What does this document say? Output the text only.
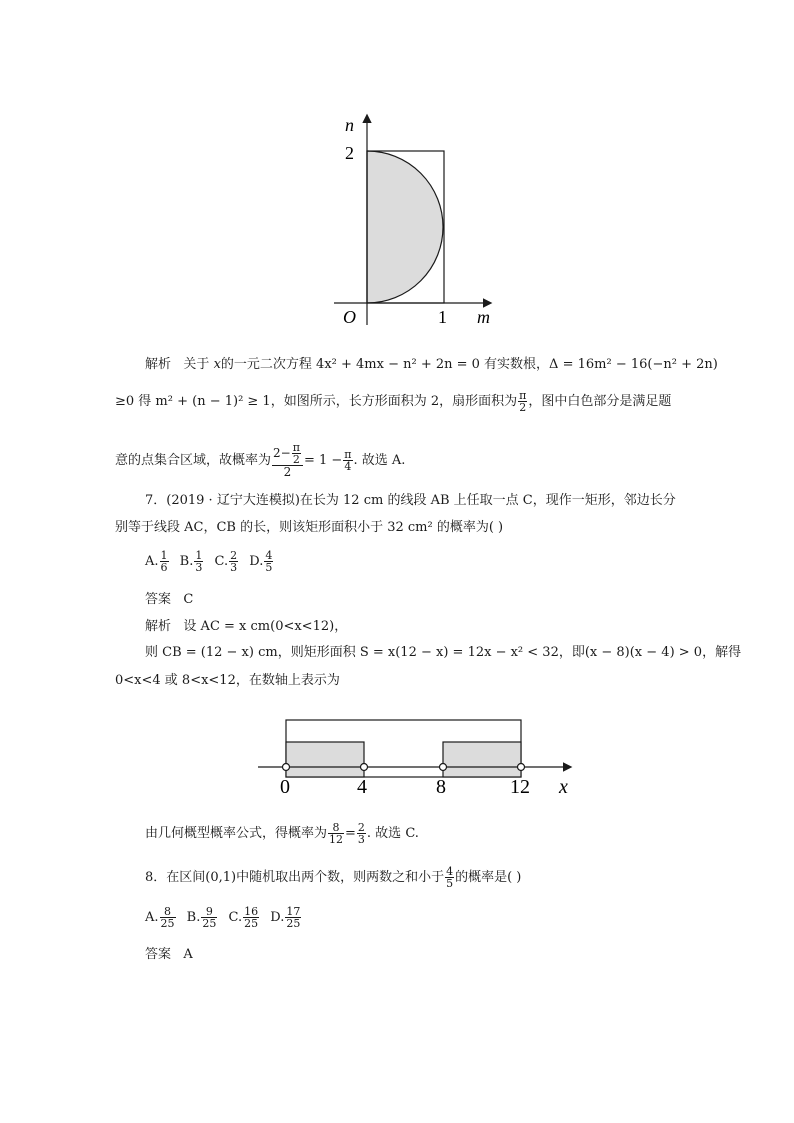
n
2
O	1 m
解析 关于 x的一元二次方程 4x² + 4mx − n² + 2n = 0 有实数根，Δ = 16m² − 16(−n² + 2n)
≥0 得 m² + (n − 1)² ≥ 1，如图所示，长方形面积为 2，扇形面积为 $\frac{\pi}{2}$ ，图中白色部分是满足题
意的点集合区域，故概率为 $\frac{2- \frac{\pi}{2}}{2} = 1 - \frac{\pi}{4}$ . 故选 A.
7．(2019 · 辽宁大连模拟)在长为 12 cm 的线段 AB 上任取一点 C，现作一矩形，邻边长分
别等于线段 AC，CB 的长，则该矩形面积小于 32 cm² 的概率为( )
A. $\frac{1}{6} B$. $\frac{1}{3} C$. $\frac{2}{3} D$. $\frac{4}{5}$
答案 C
解析 设 AC = x cm(0<x<12)，
则 CB = (12 − x) cm，则矩形面积 S = x(12 − x) = 12x − x² < 32，即(x − 8)(x − 4) > 0，解得
0<x<4 或 8<x<12，在数轴上表示为
0	4	8	12 x
由几何概型概率公式，得概率为 $\frac{8}{12} = \frac{2}{3}$ . 故选 C.
8．在区间(0,1)中随机取出两个数，则两数之和小于 $\frac{4}{5}$ 的概率是( )
A. $\frac{8}{25} B$. $\frac{9}{25} C$. $\frac{16}{25} D$. $\frac{17}{25}$
答案 A
